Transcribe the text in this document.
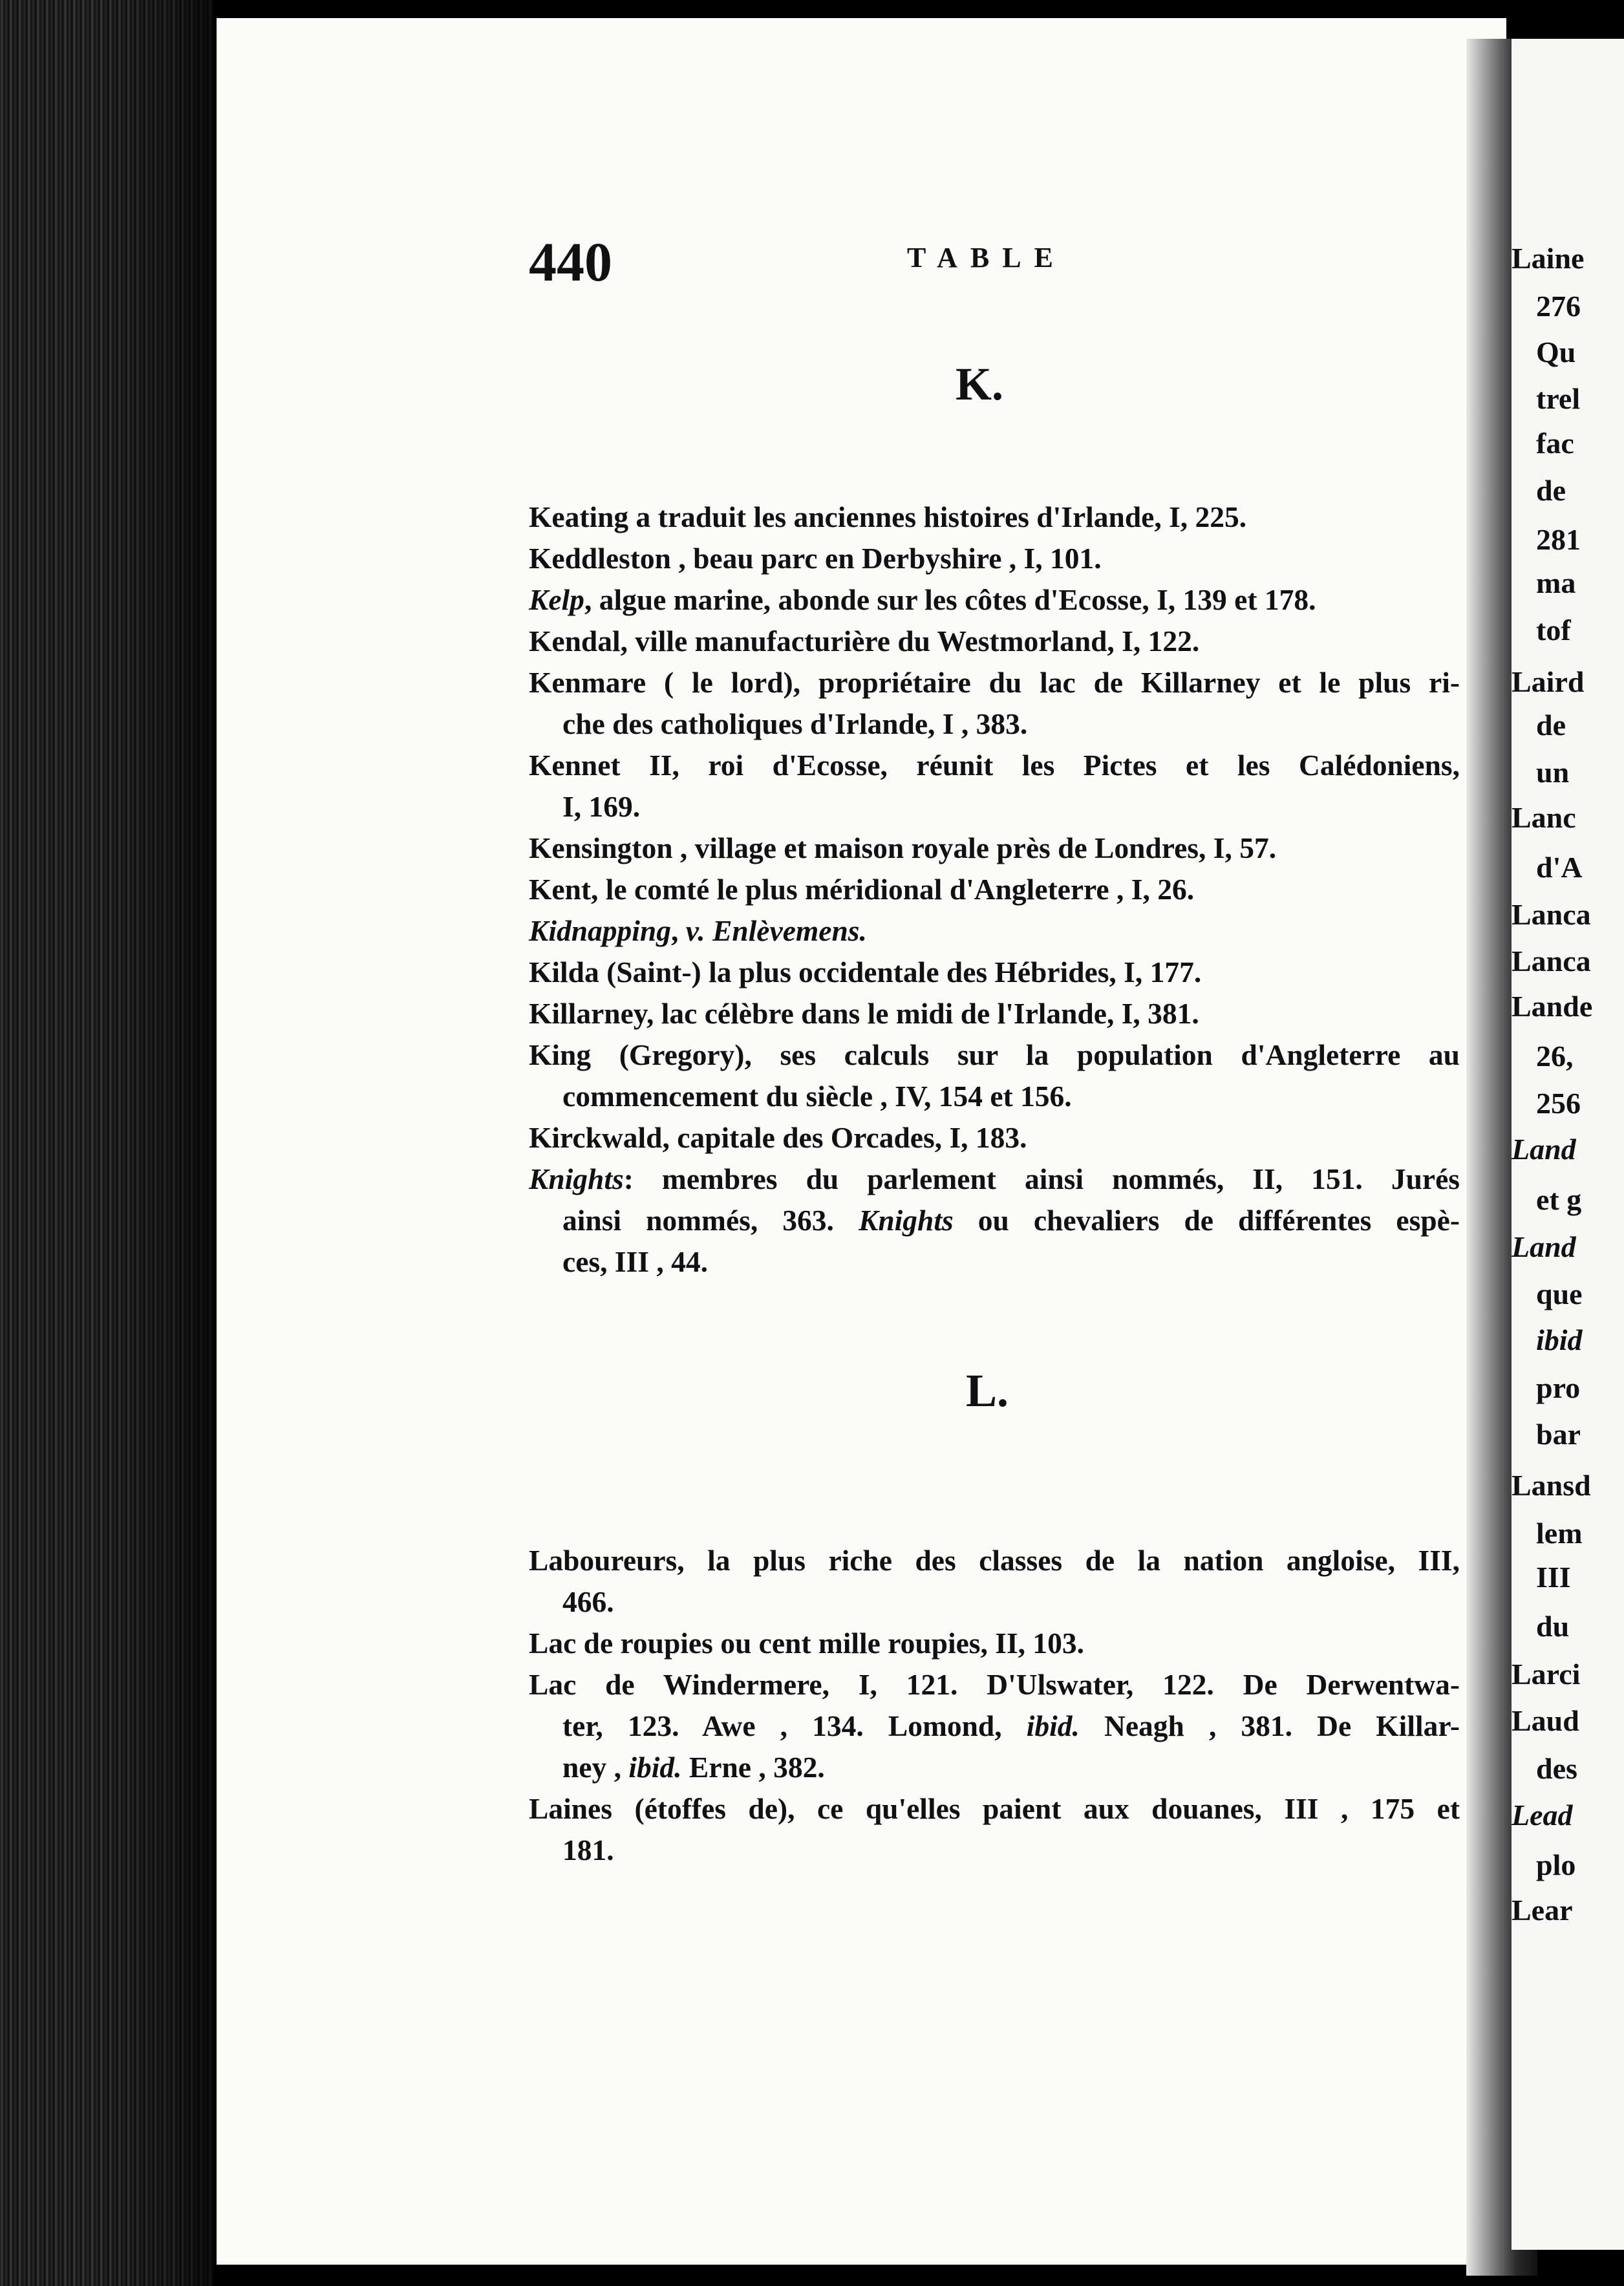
Laine
276
Qu
trel
fac
de
281
ma
tof
Laird
de
un
Lanc
d'A
Lanca
Lanca
Lande
26,
256
Land
et g
Land
que
ibid
pro
bar
Lansd
lem
III
du
Larci
Laud
des
Lead
plo
Lear
440	TABLE
K.
Keating a traduit les anciennes histoires d'Irlande, I, 225.
Keddleston , beau parc en Derbyshire , I, 101.
Kelp, algue marine, abonde sur les côtes d'Ecosse, I, 139 et 178.
Kendal, ville manufacturière du Westmorland, I, 122.
Kenmare ( le lord), propriétaire du lac de Killarney et le plus ri-
che des catholiques d'Irlande, I , 383.
Kennet II, roi d'Ecosse, réunit les Pictes et les Calédoniens,
I, 169.
Kensington , village et maison royale près de Londres, I, 57.
Kent, le comté le plus méridional d'Angleterre , I, 26.
Kidnapping, v. Enlèvemens.
Kilda (Saint-) la plus occidentale des Hébrides, I, 177.
Killarney, lac célèbre dans le midi de l'Irlande, I, 381.
King (Gregory), ses calculs sur la population d'Angleterre au
commencement du siècle , IV, 154 et 156.
Kirckwald, capitale des Orcades, I, 183.
Knights: membres du parlement ainsi nommés, II, 151. Jurés
ainsi nommés, 363. Knights ou chevaliers de différentes espè-
ces, III , 44.
L.
Laboureurs, la plus riche des classes de la nation angloise, III,
466.
Lac de roupies ou cent mille roupies, II, 103.
Lac de Windermere, I, 121. D'Ulswater, 122. De Derwentwa-
ter, 123. Awe , 134. Lomond, ibid. Neagh , 381. De Killar-
ney , ibid. Erne , 382.
Laines (étoffes de), ce qu'elles paient aux douanes, III , 175 et
181.
